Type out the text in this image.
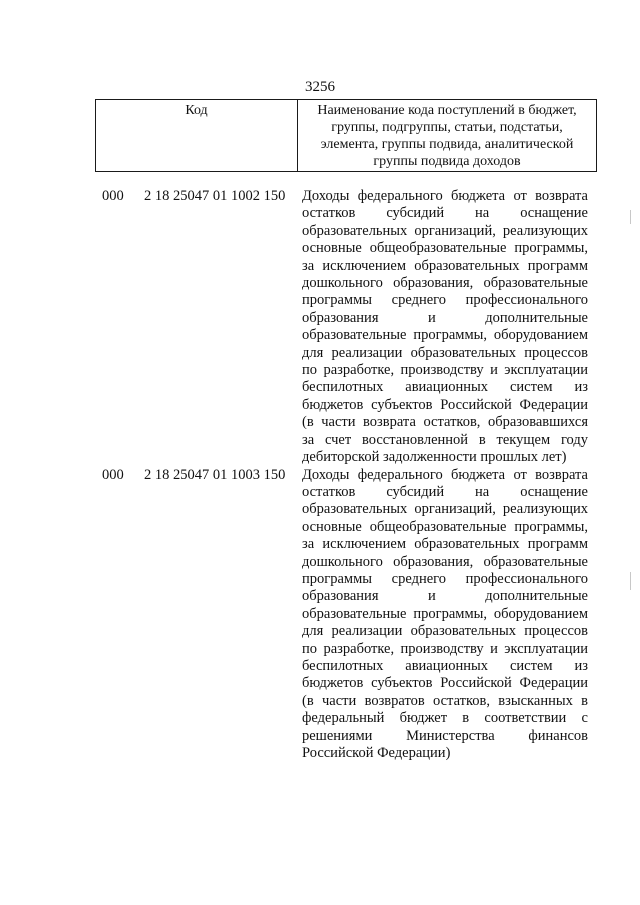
3256
Код	Наименование кода поступлений в бюджет, группы, подгруппы, статьи, подстатьи, элемента, группы подвида, аналитической группы подвида доходов
000 2 18 25047 01 1002 150 Доходы федерального бюджета от возврата
остатков субсидий на оснащение
образовательных организаций, реализующих
основные общеобразовательные программы,
за исключением образовательных программ
дошкольного образования, образовательные
программы среднего профессионального
образования и дополнительные
образовательные программы, оборудованием
для реализации образовательных процессов
по разработке, производству и эксплуатации
беспилотных авиационных систем из
бюджетов субъектов Российской Федерации
(в части возврата остатков, образовавшихся
за счет восстановленной в текущем году
дебиторской задолженности прошлых лет)
000 2 18 25047 01 1003 150 Доходы федерального бюджета от возврата
остатков субсидий на оснащение
образовательных организаций, реализующих
основные общеобразовательные программы,
за исключением образовательных программ
дошкольного образования, образовательные
программы среднего профессионального
образования и дополнительные
образовательные программы, оборудованием
для реализации образовательных процессов
по разработке, производству и эксплуатации
беспилотных авиационных систем из
бюджетов субъектов Российской Федерации
(в части возвратов остатков, взысканных в
федеральный бюджет в соответствии с
решениями Министерства финансов
Российской Федерации)
